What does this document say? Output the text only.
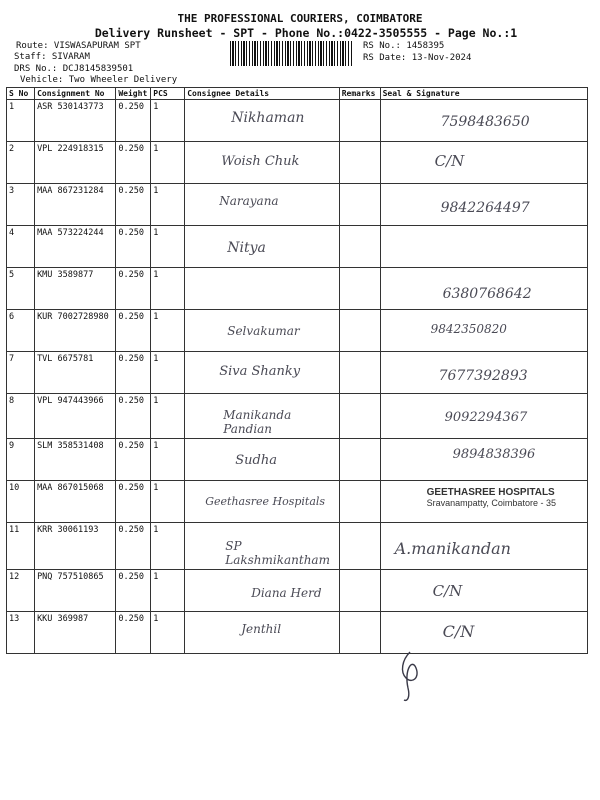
THE PROFESSIONAL COURIERS, COIMBATORE
Delivery Runsheet - SPT - Phone No.:0422-3505555 - Page No.:1
Route: VISWASAPURAM SPT
Staff: SIVARAM
DRS No.: DCJ8145839501
Vehicle: Two Wheeler Delivery
RS No.: 1458395
RS Date: 13-Nov-2024
S No	Consignment No	Weight	PCS	Consignee Details	Remarks	Seal & Signature
1	ASR 530143773	0.250	1	Nikhaman		7598483650

2	VPL 224918315	0.250	1	Woish Chuk		C/N

3	MAA 867231284	0.250	1	Narayana		9842264497

4	MAA 573224244	0.250	1	Nitya		

5	KMU 3589877	0.250	1			6380768642

6	KUR 7002728980	0.250	1	Selvakumar		9842350820

7	TVL 6675781	0.250	1	Siva Shanky		7677392893

8	VPL 947443966	0.250	1	Manikanda Pandian		9092294367

9	SLM 358531408	0.250	1	Sudha		9894838396

10	MAA 867015068	0.250	1	Geethasree Hospitals		GEETHASREE HOSPITALS
Sravanampatty, Coimbatore - 35

11	KRR 30061193	0.250	1	SP Lakshmikantham		A.manikandan

12	PNQ 757510865	0.250	1	Diana Herd		C/N

13	KKU 369987	0.250	1	Jenthil		C/N
